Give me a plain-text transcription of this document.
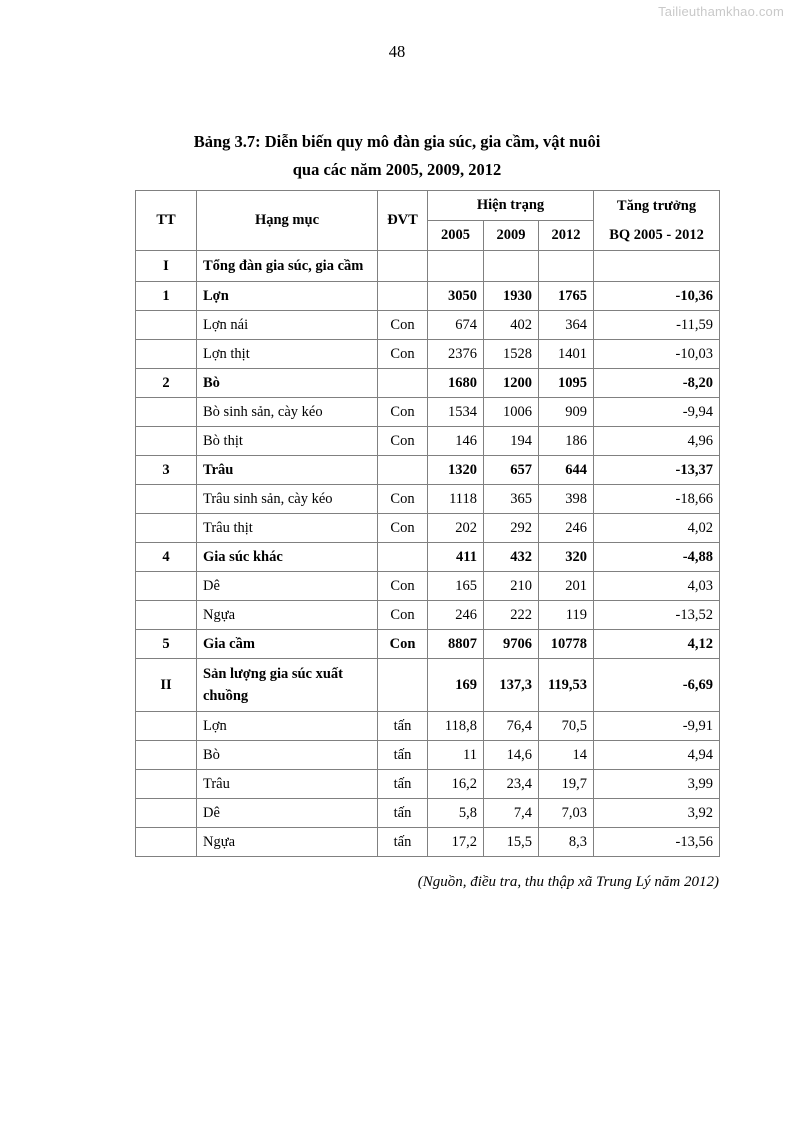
Tailieuthamkhao.com
48
Bảng 3.7: Diễn biến quy mô đàn gia súc, gia cầm, vật nuôi
qua các năm 2005, 2009, 2012
TT	Hạng mục	ĐVT	Hiện trạng			Tăng trưởng
BQ 2005 - 2012

			2005	2009	2012	

I	Tổng đàn gia súc, gia cầm					

1	Lợn		3050	1930	1765	-10,36

	Lợn nái	Con	674	402	364	-11,59

	Lợn thịt	Con	2376	1528	1401	-10,03

2	Bò		1680	1200	1095	-8,20

	Bò sinh sản, cày kéo	Con	1534	1006	909	-9,94

	Bò thịt	Con	146	194	186	4,96

3	Trâu		1320	657	644	-13,37

	Trâu sinh sản, cày kéo	Con	1118	365	398	-18,66

	Trâu thịt	Con	202	292	246	4,02

4	Gia súc khác		411	432	320	-4,88

	Dê	Con	165	210	201	4,03

	Ngựa	Con	246	222	119	-13,52

5	Gia cầm	Con	8807	9706	10778	4,12

II	Sản lượng gia súc xuất chuồng		169	137,3	119,53	-6,69

	Lợn	tấn	118,8	76,4	70,5	-9,91

	Bò	tấn	11	14,6	14	4,94

	Trâu	tấn	16,2	23,4	19,7	3,99

	Dê	tấn	5,8	7,4	7,03	3,92

	Ngựa	tấn	17,2	15,5	8,3	-13,56
(Nguồn, điều tra, thu thập xã Trung Lý năm 2012)
